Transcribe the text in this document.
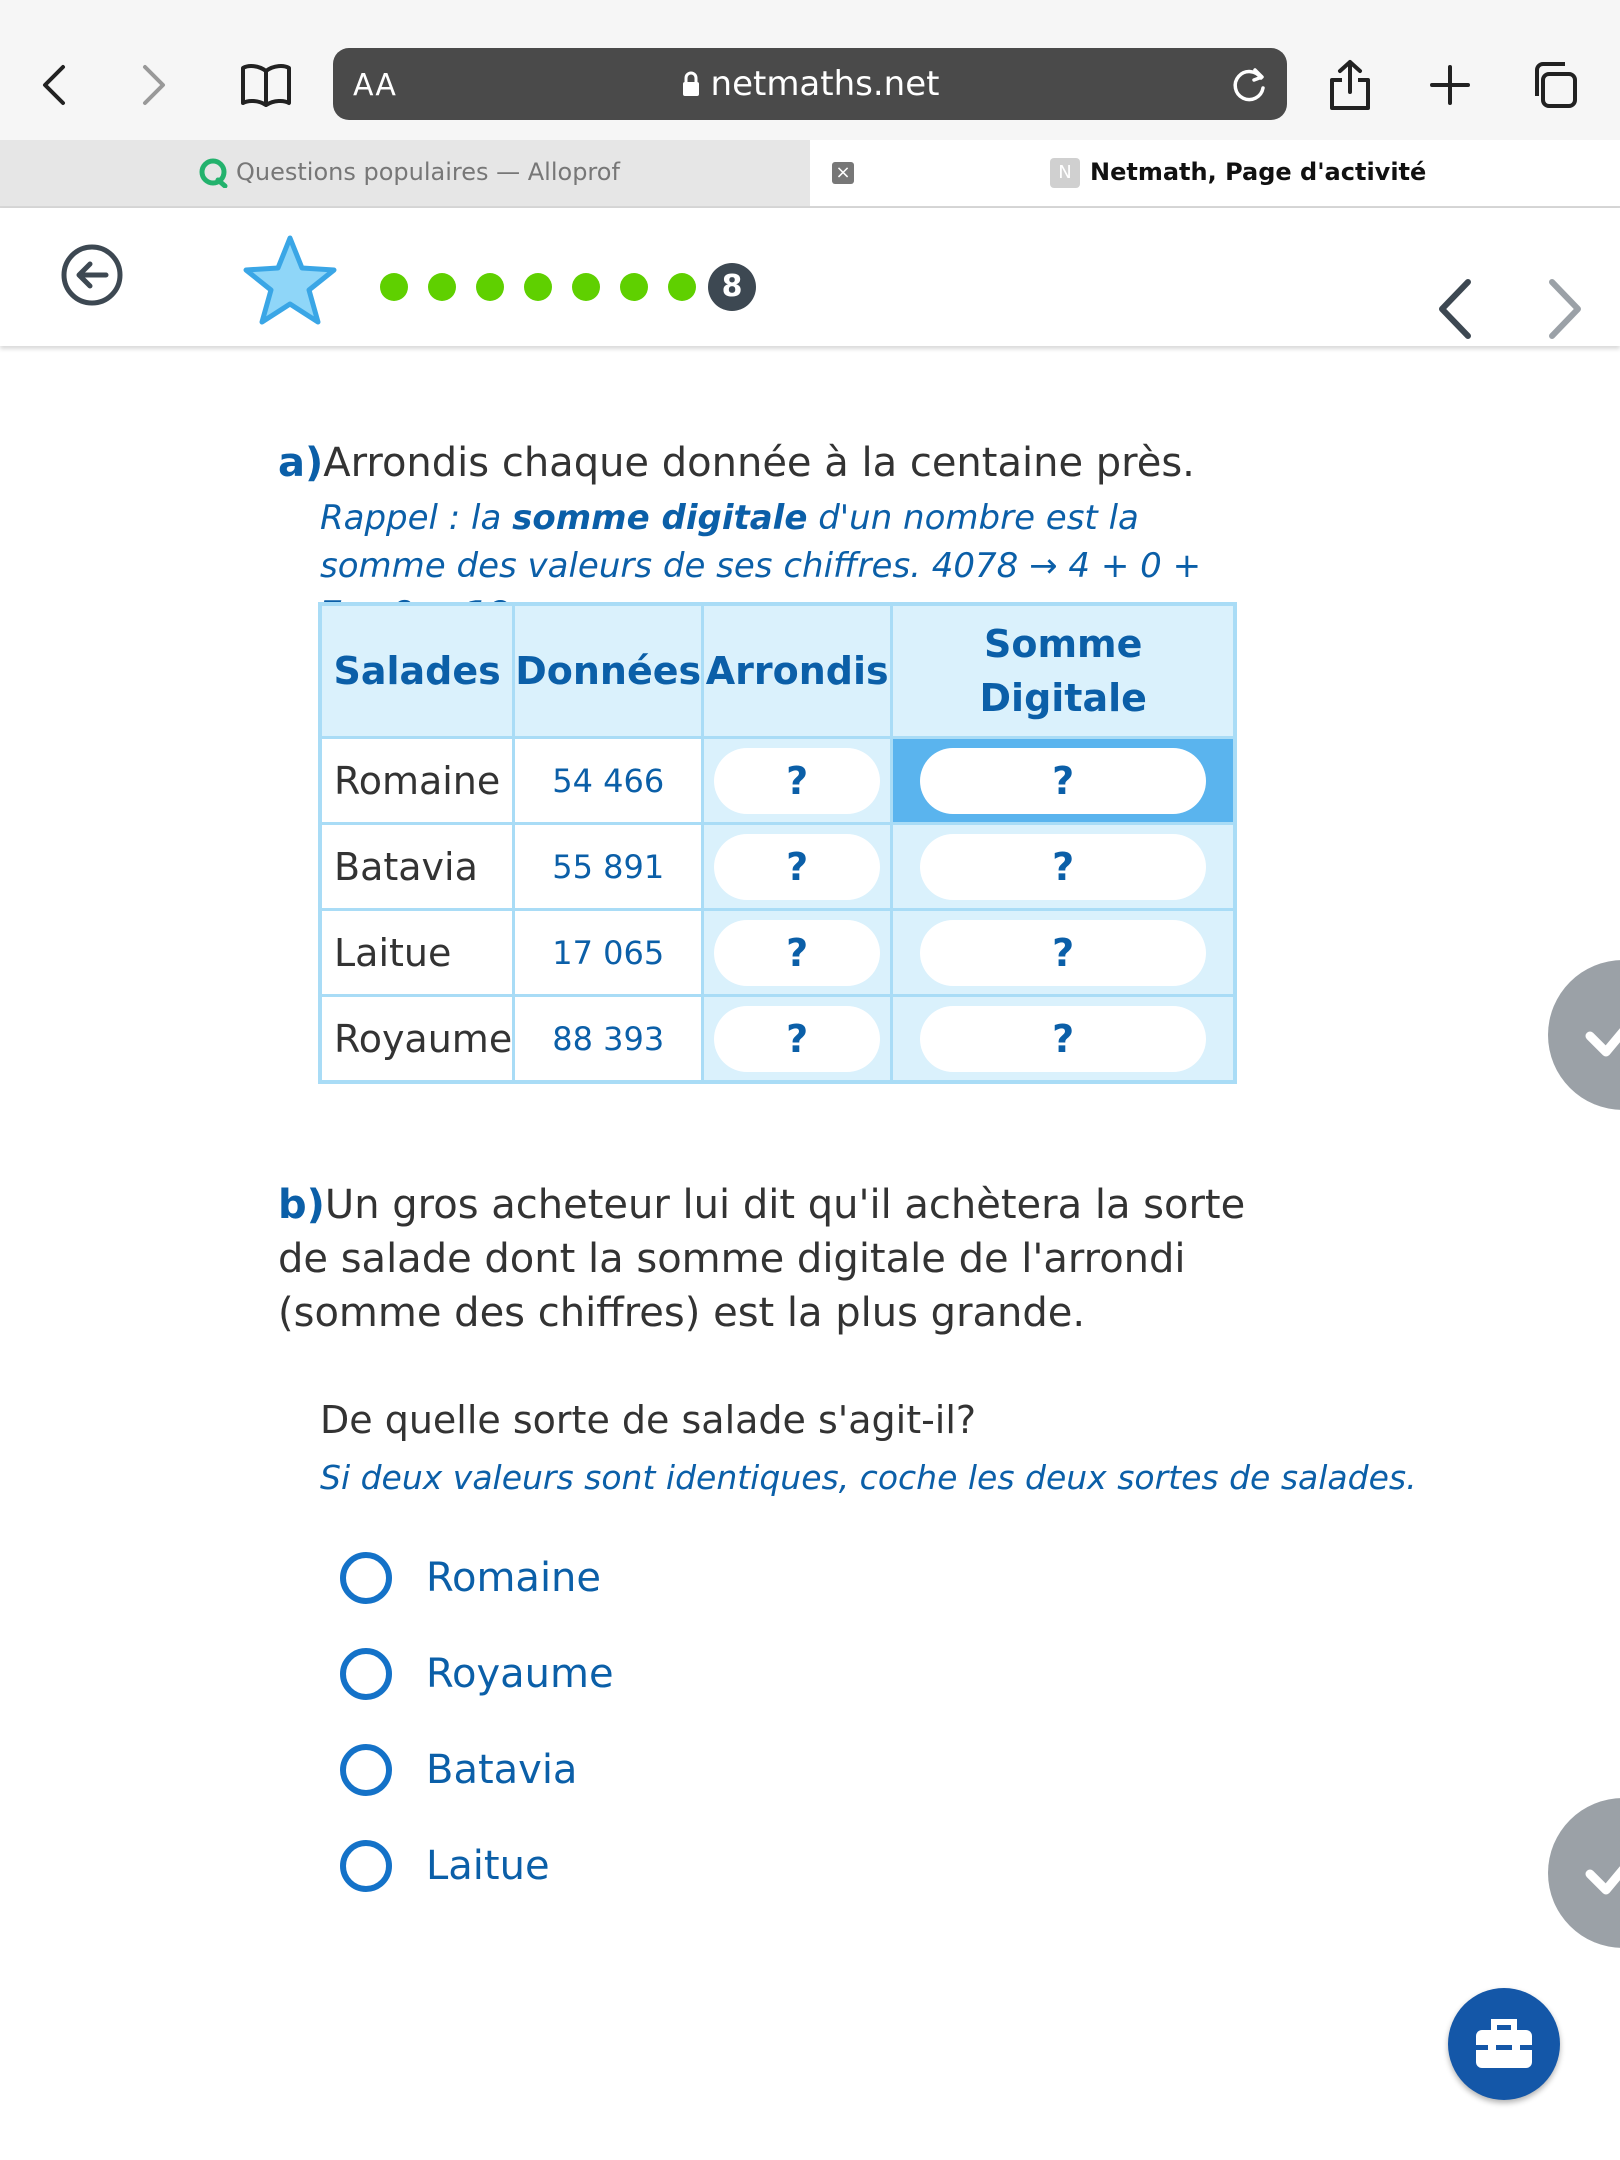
AA	netmaths.net
Questions populaires — Alloprof	×	N Netmath, Page d'activité
8
a)Arrondis chaque donnée à la centaine près.
Rappel : la somme digitale d'un nombre est la somme des valeurs de ses chiffres. 4078 → 4 + 0 +
Salades	Données	Arrondis	Somme Digitale
Romaine	54 466	?	?
Batavia	55 891	?	?
Laitue	17 065	?	?
Royaume	88 393	?	?
b)Un gros acheteur lui dit qu'il achètera la sorte de salade dont la somme digitale de l'arrondi (somme des chiffres) est la plus grande.
De quelle sorte de salade s'agit-il?
Si deux valeurs sont identiques, coche les deux sortes de salades.
Romaine
Royaume
Batavia
Laitue
